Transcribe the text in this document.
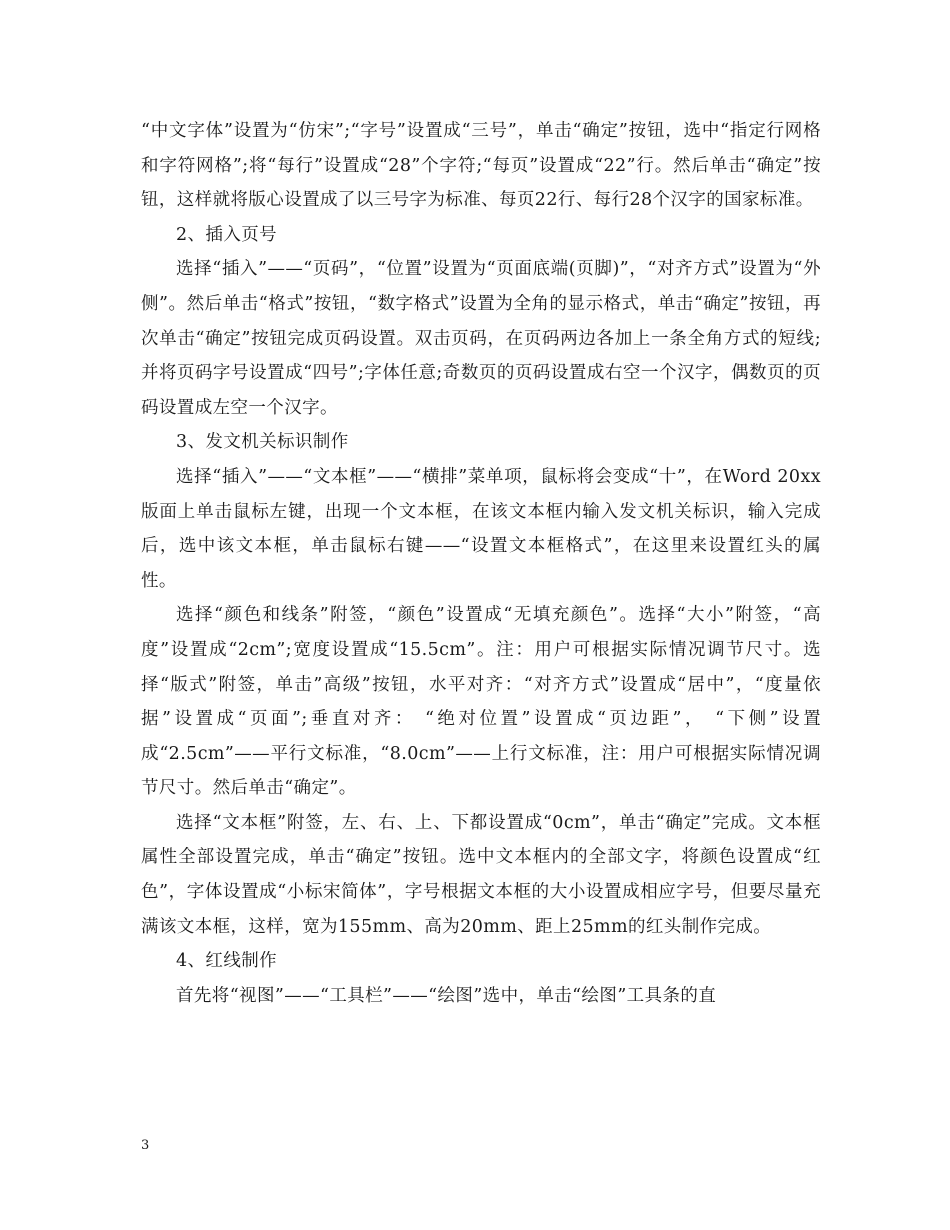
“中文字体”设置为“仿宋”;“字号”设置成“三号”，单击“确定”按钮，选中“指定行网格和字符网格”;将“每行”设置成“28”个字符;“每页”设置成“22”行。然后单击“确定”按钮，这样就将版心设置成了以三号字为标准、每页22行、每行28个汉字的国家标准。

2、插入页号

选择“插入”——“页码”，“位置”设置为“页面底端(页脚)”，“对齐方式”设置为“外侧”。然后单击“格式”按钮，“数字格式”设置为全角的显示格式，单击“确定”按钮，再次单击“确定”按钮完成页码设置。双击页码，在页码两边各加上一条全角方式的短线;并将页码字号设置成“四号”;字体任意;奇数页的页码设置成右空一个汉字，偶数页的页码设置成左空一个汉字。

3、发文机关标识制作

选择“插入”——“文本框”——“横排”菜单项，鼠标将会变成“十”，在Word 20xx版面上单击鼠标左键，出现一个文本框，在该文本框内输入发文机关标识，输入完成后，选中该文本框，单击鼠标右键——“设置文本框格式”，在这里来设置红头的属性。

选择“颜色和线条”附签，“颜色”设置成“无填充颜色”。选择“大小”附签，“高度”设置成“2cm”;宽度设置成“15.5cm”。注：用户可根据实际情况调节尺寸。选择“版式”附签，单击”高级”按钮，水平对齐：“对齐方式”设置成“居中”，“度量依据”设置成“页面”;垂直对齐： “绝对位置”设置成“页边距”， “下侧”设置成“2.5cm”——平行文标准，“8.0cm”——上行文标准，注：用户可根据实际情况调节尺寸。然后单击“确定”。

选择“文本框”附签，左、右、上、下都设置成“0cm”，单击“确定”完成。文本框属性全部设置完成，单击“确定”按钮。选中文本框内的全部文字，将颜色设置成“红色”，字体设置成“小标宋简体”，字号根据文本框的大小设置成相应字号，但要尽量充满该文本框，这样，宽为155mm、高为20mm、距上25mm的红头制作完成。

4、红线制作

首先将“视图”——“工具栏”——“绘图”选中，单击“绘图”工具条的直

3
